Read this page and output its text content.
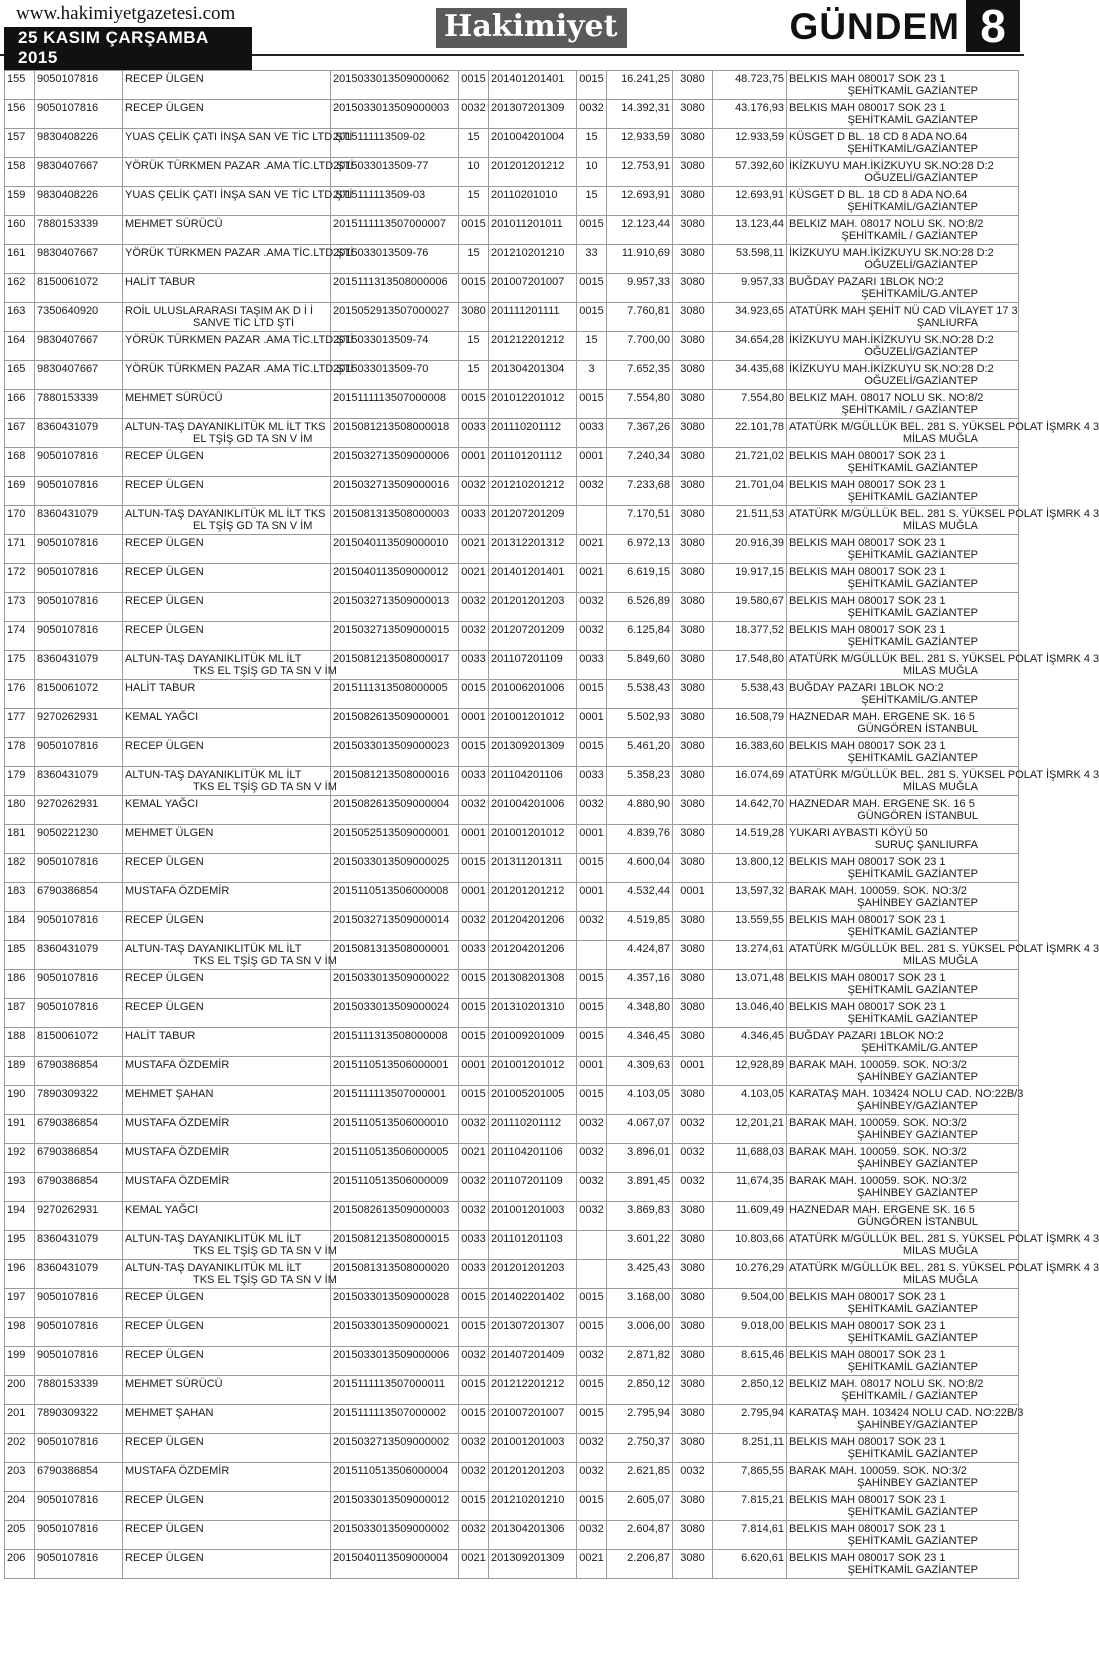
www.hakimiyetgazetesi.com
25 KASIM ÇARŞAMBA 2015
Hakimiyet	GÜNDEM 8
155	9050107816	RECEP ÜLGEN	2015033013509000062	0015	201401201401	0015	16.241,25	3080	48.723,75	BELKIS MAH 080017 SOK 23 1
ŞEHİTKAMİL GAZİANTEP

156	9050107816	RECEP ÜLGEN	2015033013509000003	0032	201307201309	0032	14.392,31	3080	43.176,93	BELKIS MAH 080017 SOK 23 1
ŞEHİTKAMİL GAZİANTEP

157	9830408226	YUAS ÇELİK ÇATI İNŞA SAN VE TİC LTD.ŞTİ	2015111113509-02	15	201004201004	15	12.933,59	3080	12.933,59	KÜSGET D BL. 18 CD 8 ADA NO.64
ŞEHİTKAMİL/GAZİANTEP

158	9830407667	YÖRÜK TÜRKMEN PAZAR .AMA TİC.LTD.ŞTİ	2015033013509-77	10	201201201212	10	12.753,91	3080	57.392,60	İKİZKUYU MAH.İKİZKUYU SK.NO:28 D:2
OĞUZELİ/GAZİANTEP

159	9830408226	YUAS ÇELİK ÇATI İNŞA SAN VE TİC LTD.ŞTİ	2015111113509-03	15	20110201010	15	12.693,91	3080	12.693,91	KÜSGET D BL. 18 CD 8 ADA NO.64
ŞEHİTKAMİL/GAZİANTEP

160	7880153339	MEHMET SÜRÜCÜ	2015111113507000007	0015	201011201011	0015	12.123,44	3080	13.123,44	BELKIZ MAH. 08017 NOLU SK. NO:8/2
ŞEHİTKAMİL / GAZİANTEP

161	9830407667	YÖRÜK TÜRKMEN PAZAR .AMA TİC.LTD.ŞTİ	2015033013509-76	15	201210201210	33	11.910,69	3080	53.598,11	İKİZKUYU MAH.İKİZKUYU SK.NO:28 D:2
OĞUZELİ/GAZİANTEP

162	8150061072	HALİT TABUR	2015111313508000006	0015	201007201007	0015	9.957,33	3080	9.957,33	BUĞDAY PAZARI 1BLOK NO:2
ŞEHİTKAMİL/G.ANTEP

163	7350640920	ROİL ULUSLARARASI TAŞIM AK D İ İ
SANVE TİC LTD ŞTİ	2015052913507000027	3080	201111201111	0015	7.760,81	3080	34.923,65	ATATÜRK MAH ŞEHİT NÜ CAD VİLAYET 17 3
ŞANLIURFA

164	9830407667	YÖRÜK TÜRKMEN PAZAR .AMA TİC.LTD.ŞTİ	2015033013509-74	15	201212201212	15	7.700,00	3080	34.654,28	İKİZKUYU MAH.İKİZKUYU SK.NO:28 D:2
OĞUZELİ/GAZİANTEP

165	9830407667	YÖRÜK TÜRKMEN PAZAR .AMA TİC.LTD.ŞTİ	2015033013509-70	15	201304201304	3	7.652,35	3080	34.435,68	İKİZKUYU MAH.İKİZKUYU SK.NO:28 D:2
OĞUZELİ/GAZİANTEP

166	7880153339	MEHMET SÜRÜCÜ	2015111113507000008	0015	201012201012	0015	7.554,80	3080	7.554,80	BELKIZ MAH. 08017 NOLU SK. NO:8/2
ŞEHİTKAMİL / GAZİANTEP

167	8360431079	ALTUN-TAŞ DAYANIKLITÜK ML İLT TKS
EL TŞİŞ GD TA SN V İM	2015081213508000018	0033	201110201112	0033	7.367,26	3080	22.101,78	ATATÜRK M/GÜLLÜK BEL. 281 S. YÜKSEL POLAT İŞMRK 4 3
MİLAS MUĞLA

168	9050107816	RECEP ÜLGEN	2015032713509000006	0001	201101201112	0001	7.240,34	3080	21.721,02	BELKIS MAH 080017 SOK 23 1
ŞEHİTKAMİL GAZİANTEP

169	9050107816	RECEP ÜLGEN	2015032713509000016	0032	201210201212	0032	7.233,68	3080	21.701,04	BELKIS MAH 080017 SOK 23 1
ŞEHİTKAMİL GAZİANTEP

170	8360431079	ALTUN-TAŞ DAYANIKLITÜK ML İLT TKS
EL TŞİŞ GD TA SN V İM	2015081313508000003	0033	201207201209		7.170,51	3080	21.511,53	ATATÜRK M/GÜLLÜK BEL. 281 S. YÜKSEL POLAT İŞMRK 4 3
MİLAS MUĞLA

171	9050107816	RECEP ÜLGEN	2015040113509000010	0021	201312201312	0021	6.972,13	3080	20.916,39	BELKIS MAH 080017 SOK 23 1
ŞEHİTKAMİL GAZİANTEP

172	9050107816	RECEP ÜLGEN	2015040113509000012	0021	201401201401	0021	6.619,15	3080	19.917,15	BELKIS MAH 080017 SOK 23 1
ŞEHİTKAMİL GAZİANTEP

173	9050107816	RECEP ÜLGEN	2015032713509000013	0032	201201201203	0032	6.526,89	3080	19.580,67	BELKIS MAH 080017 SOK 23 1
ŞEHİTKAMİL GAZİANTEP

174	9050107816	RECEP ÜLGEN	2015032713509000015	0032	201207201209	0032	6.125,84	3080	18.377,52	BELKIS MAH 080017 SOK 23 1
ŞEHİTKAMİL GAZİANTEP

175	8360431079	ALTUN-TAŞ DAYANIKLITÜK ML İLT
TKS EL TŞİŞ GD TA SN V İM	2015081213508000017	0033	201107201109	0033	5.849,60	3080	17.548,80	ATATÜRK M/GÜLLÜK BEL. 281 S. YÜKSEL POLAT İŞMRK 4 3
MİLAS MUĞLA

176	8150061072	HALİT TABUR	2015111313508000005	0015	201006201006	0015	5.538,43	3080	5.538,43	BUĞDAY PAZARI 1BLOK NO:2
ŞEHİTKAMİL/G.ANTEP

177	9270262931	KEMAL YAĞCI	2015082613509000001	0001	201001201012	0001	5.502,93	3080	16.508,79	HAZNEDAR MAH. ERGENE SK. 16 5
GÜNGÖREN İSTANBUL

178	9050107816	RECEP ÜLGEN	2015033013509000023	0015	201309201309	0015	5.461,20	3080	16.383,60	BELKIS MAH 080017 SOK 23 1
ŞEHİTKAMİL GAZİANTEP

179	8360431079	ALTUN-TAŞ DAYANIKLITÜK ML İLT
TKS EL TŞİŞ GD TA SN V İM	2015081213508000016	0033	201104201106	0033	5.358,23	3080	16.074,69	ATATÜRK M/GÜLLÜK BEL. 281 S. YÜKSEL POLAT İŞMRK 4 3
MİLAS MUĞLA

180	9270262931	KEMAL YAĞCI	2015082613509000004	0032	201004201006	0032	4.880,90	3080	14.642,70	HAZNEDAR MAH. ERGENE SK. 16 5
GÜNGÖREN İSTANBUL

181	9050221230	MEHMET ÜLGEN	2015052513509000001	0001	201001201012	0001	4.839,76	3080	14.519,28	YUKARI AYBASTI KÖYÜ 50
SURUÇ ŞANLIURFA

182	9050107816	RECEP ÜLGEN	2015033013509000025	0015	201311201311	0015	4.600,04	3080	13.800,12	BELKIS MAH 080017 SOK 23 1
ŞEHİTKAMİL GAZİANTEP

183	6790386854	MUSTAFA ÖZDEMİR	2015110513506000008	0001	201201201212	0001	4.532,44	0001	13,597,32	BARAK MAH. 100059. SOK. NO:3/2
ŞAHİNBEY GAZİANTEP

184	9050107816	RECEP ÜLGEN	2015032713509000014	0032	201204201206	0032	4.519,85	3080	13.559,55	BELKIS MAH 080017 SOK 23 1
ŞEHİTKAMİL GAZİANTEP

185	8360431079	ALTUN-TAŞ DAYANIKLITÜK ML İLT
TKS EL TŞİŞ GD TA SN V İM	2015081313508000001	0033	201204201206		4.424,87	3080	13.274,61	ATATÜRK M/GÜLLÜK BEL. 281 S. YÜKSEL POLAT İŞMRK 4 3
MİLAS MUĞLA

186	9050107816	RECEP ÜLGEN	2015033013509000022	0015	201308201308	0015	4.357,16	3080	13.071,48	BELKIS MAH 080017 SOK 23 1
ŞEHİTKAMİL GAZİANTEP

187	9050107816	RECEP ÜLGEN	2015033013509000024	0015	201310201310	0015	4.348,80	3080	13.046,40	BELKIS MAH 080017 SOK 23 1
ŞEHİTKAMİL GAZİANTEP

188	8150061072	HALİT TABUR	2015111313508000008	0015	201009201009	0015	4.346,45	3080	4.346,45	BUĞDAY PAZARI 1BLOK NO:2
ŞEHİTKAMİL/G.ANTEP

189	6790386854	MUSTAFA ÖZDEMİR	2015110513506000001	0001	201001201012	0001	4.309,63	0001	12,928,89	BARAK MAH. 100059. SOK. NO:3/2
ŞAHİNBEY GAZİANTEP

190	7890309322	MEHMET ŞAHAN	2015111113507000001	0015	201005201005	0015	4.103,05	3080	4.103,05	KARATAŞ MAH. 103424 NOLU CAD. NO:22B/3
ŞAHİNBEY/GAZİANTEP

191	6790386854	MUSTAFA ÖZDEMİR	2015110513506000010	0032	201110201112	0032	4.067,07	0032	12,201,21	BARAK MAH. 100059. SOK. NO:3/2
ŞAHİNBEY GAZİANTEP

192	6790386854	MUSTAFA ÖZDEMİR	2015110513506000005	0021	201104201106	0032	3.896,01	0032	11,688,03	BARAK MAH. 100059. SOK. NO:3/2
ŞAHİNBEY GAZİANTEP

193	6790386854	MUSTAFA ÖZDEMİR	2015110513506000009	0032	201107201109	0032	3.891,45	0032	11,674,35	BARAK MAH. 100059. SOK. NO:3/2
ŞAHİNBEY GAZİANTEP

194	9270262931	KEMAL YAĞCI	2015082613509000003	0032	201001201003	0032	3.869,83	3080	11.609,49	HAZNEDAR MAH. ERGENE SK. 16 5
GÜNGÖREN İSTANBUL

195	8360431079	ALTUN-TAŞ DAYANIKLITÜK ML İLT
TKS EL TŞİŞ GD TA SN V İM	2015081213508000015	0033	201101201103		3.601,22	3080	10.803,66	ATATÜRK M/GÜLLÜK BEL. 281 S. YÜKSEL POLAT İŞMRK 4 3
MİLAS MUĞLA

196	8360431079	ALTUN-TAŞ DAYANIKLITÜK ML İLT
TKS EL TŞİŞ GD TA SN V İM	2015081313508000020	0033	201201201203		3.425,43	3080	10.276,29	ATATÜRK M/GÜLLÜK BEL. 281 S. YÜKSEL POLAT İŞMRK 4 3
MİLAS MUĞLA

197	9050107816	RECEP ÜLGEN	2015033013509000028	0015	201402201402	0015	3.168,00	3080	9.504,00	BELKIS MAH 080017 SOK 23 1
ŞEHİTKAMİL GAZİANTEP

198	9050107816	RECEP ÜLGEN	2015033013509000021	0015	201307201307	0015	3.006,00	3080	9.018,00	BELKIS MAH 080017 SOK 23 1
ŞEHİTKAMİL GAZİANTEP

199	9050107816	RECEP ÜLGEN	2015033013509000006	0032	201407201409	0032	2.871,82	3080	8.615,46	BELKIS MAH 080017 SOK 23 1
ŞEHİTKAMİL GAZİANTEP

200	7880153339	MEHMET SÜRÜCÜ	2015111113507000011	0015	201212201212	0015	2.850,12	3080	2.850,12	BELKIZ MAH. 08017 NOLU SK. NO:8/2
ŞEHİTKAMİL / GAZİANTEP

201	7890309322	MEHMET ŞAHAN	2015111113507000002	0015	201007201007	0015	2.795,94	3080	2.795,94	KARATAŞ MAH. 103424 NOLU CAD. NO:22B/3
ŞAHİNBEY/GAZİANTEP

202	9050107816	RECEP ÜLGEN	2015032713509000002	0032	201001201003	0032	2.750,37	3080	8.251,11	BELKIS MAH 080017 SOK 23 1
ŞEHİTKAMİL GAZİANTEP

203	6790386854	MUSTAFA ÖZDEMİR	2015110513506000004	0032	201201201203	0032	2.621,85	0032	7,865,55	BARAK MAH. 100059. SOK. NO:3/2
ŞAHİNBEY GAZİANTEP

204	9050107816	RECEP ÜLGEN	2015033013509000012	0015	201210201210	0015	2.605,07	3080	7.815,21	BELKIS MAH 080017 SOK 23 1
ŞEHİTKAMİL GAZİANTEP

205	9050107816	RECEP ÜLGEN	2015033013509000002	0032	201304201306	0032	2.604,87	3080	7.814,61	BELKIS MAH 080017 SOK 23 1
ŞEHİTKAMİL GAZİANTEP

206	9050107816	RECEP ÜLGEN	2015040113509000004	0021	201309201309	0021	2.206,87	3080	6.620,61	BELKIS MAH 080017 SOK 23 1
ŞEHİTKAMİL GAZİANTEP
